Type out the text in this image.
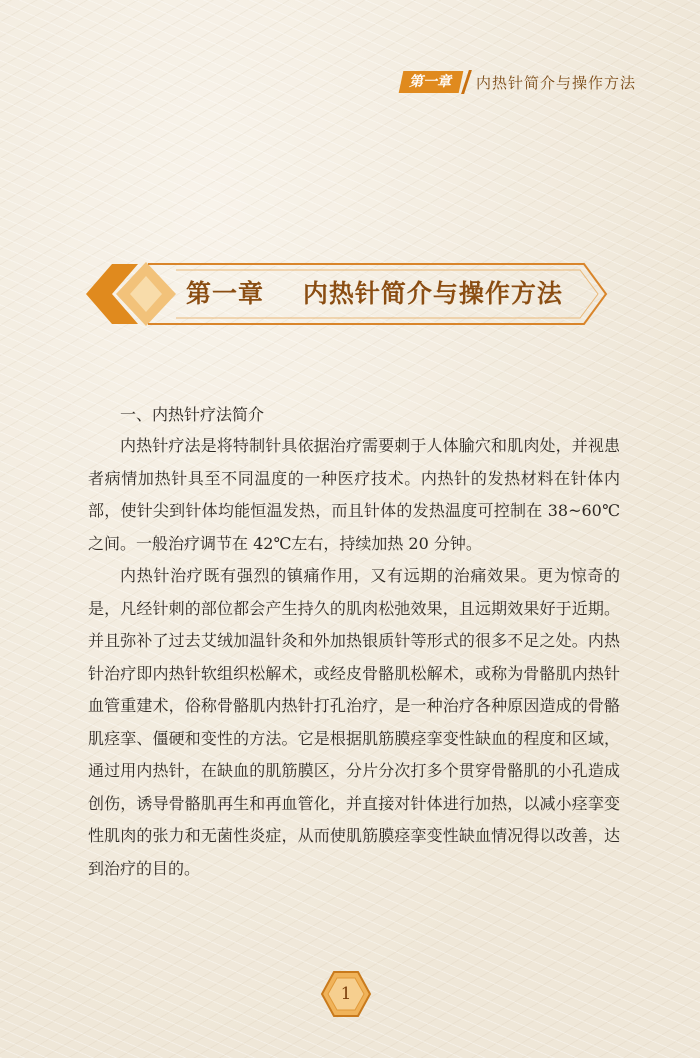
第一章	内热针简介与操作方法
第一章    内热针简介与操作方法
一、内热针疗法简介

内热针疗法是将特制针具依据治疗需要刺于人体腧穴和肌肉处，并视患者病情加热针具至不同温度的一种医疗技术。内热针的发热材料在针体内部，使针尖到针体均能恒温发热，而且针体的发热温度可控制在 38~60℃之间。一般治疗调节在 42℃左右，持续加热 20 分钟。

内热针治疗既有强烈的镇痛作用，又有远期的治痛效果。更为惊奇的是，凡经针刺的部位都会产生持久的肌肉松弛效果，且远期效果好于近期。并且弥补了过去艾绒加温针灸和外加热银质针等形式的很多不足之处。内热针治疗即内热针软组织松解术，或经皮骨骼肌松解术，或称为骨骼肌内热针血管重建术，俗称骨骼肌内热针打孔治疗，是一种治疗各种原因造成的骨骼肌痉挛、僵硬和变性的方法。它是根据肌筋膜痉挛变性缺血的程度和区域，通过用内热针，在缺血的肌筋膜区，分片分次打多个贯穿骨骼肌的小孔造成创伤，诱导骨骼肌再生和再血管化，并直接对针体进行加热，以减小痉挛变性肌肉的张力和无菌性炎症，从而使肌筋膜痉挛变性缺血情况得以改善，达到治疗的目的。

1
